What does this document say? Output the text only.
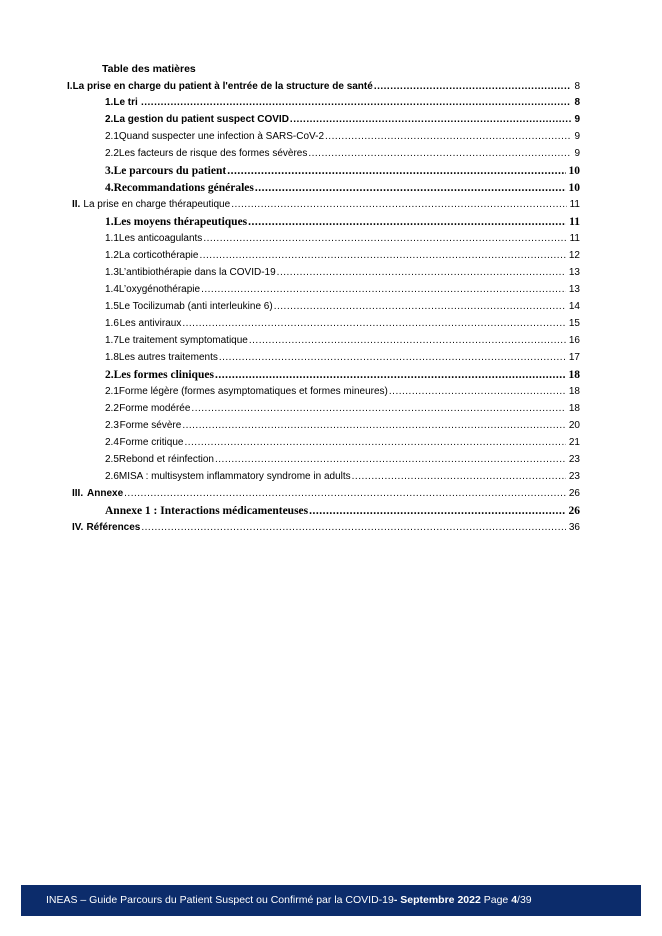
Table des matières
I. La prise en charge du patient à l'entrée de la structure de santé .....	8
1. Le tri .....	8
2. La gestion du patient suspect COVID .....	9
2.1 Quand suspecter une infection à SARS-CoV-2 .....	9
2.2 Les facteurs de risque des formes sévères .....	9
3. Le parcours du patient .....	10
4. Recommandations générales .....	10
II. La prise en charge thérapeutique .....	11
1. Les moyens thérapeutiques .....	11
1.1 Les anticoagulants .....	11
1.2 La corticothérapie .....	12
1.3 L’antibiothérapie dans la COVID-19 .....	13
1.4 L’oxygénothérapie .....	13
1.5 Le Tocilizumab (anti interleukine 6) .....	14
1.6 Les antiviraux .....	15
1.7 Le traitement symptomatique .....	16
1.8 Les autres traitements .....	17
2. Les formes cliniques .....	18
2.1 Forme légère (formes asymptomatiques et formes mineures) .....	18
2.2 Forme modérée .....	18
2.3 Forme sévère .....	20
2.4 Forme critique .....	21
2.5 Rebond et réinfection .....	23
2.6 MISA : multisystem inflammatory syndrome in adults .....	23
III. Annexe .....	26
Annexe 1 : Interactions médicamenteuses .....	26
IV. Références .....	36
INEAS – Guide Parcours du Patient Suspect ou Confirmé par la COVID-19- Septembre 2022 Page 4/39
